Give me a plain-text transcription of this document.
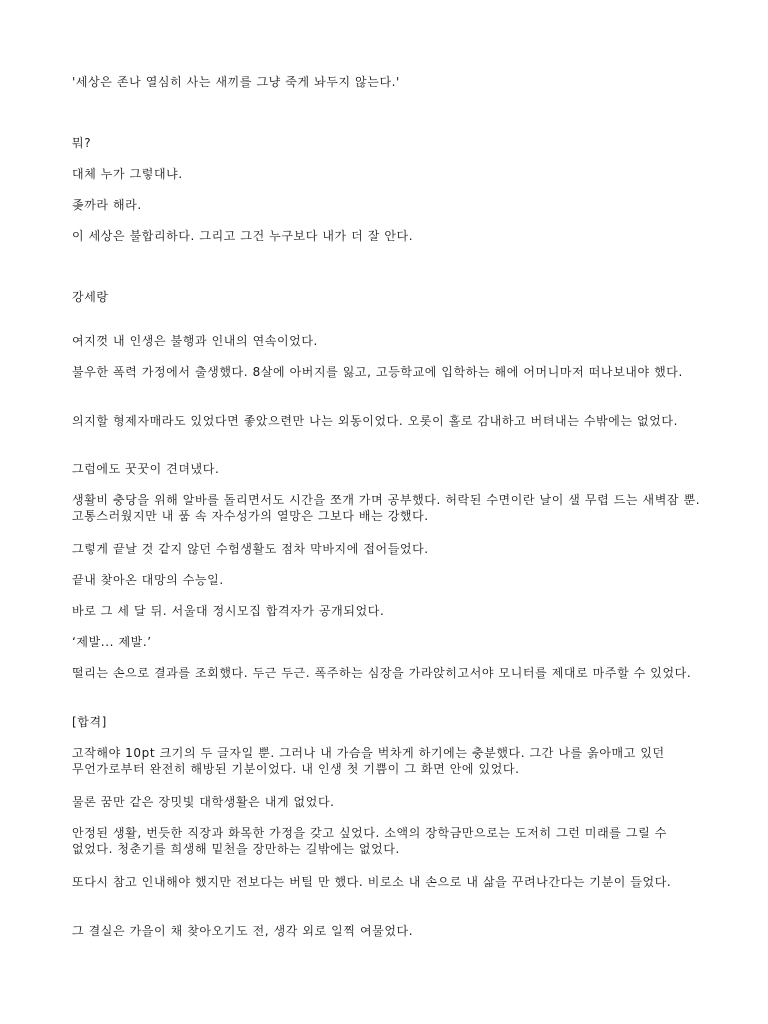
'세상은 존나 열심히 사는 새끼를 그냥 죽게 놔두지 않는다.'
뭐?
대체 누가 그렇대냐.
좆까라 해라.
이 세상은 불합리하다. 그리고 그건 누구보다 내가 더 잘 안다.
강세랑
여지껏 내 인생은 불행과 인내의 연속이었다.
불우한 폭력 가정에서 출생했다. 8살에 아버지를 잃고, 고등학교에 입학하는 해에 어머니마저 떠나보내야 했다.
의지할 형제자매라도 있었다면 좋았으련만 나는 외동이었다. 오롯이 홀로 감내하고 버텨내는 수밖에는 없었다.
그럼에도 꿋꿋이 견뎌냈다.
생활비 충당을 위해 알바를 돌리면서도 시간을 쪼개 가며 공부했다. 허락된 수면이란 날이 샐 무렵 드는 새벽잠 뿐. 고통스러웠지만 내 품 속 자수성가의 열망은 그보다 배는 강했다.
그렇게 끝날 것 같지 않던 수험생활도 점차 막바지에 접어들었다.
끝내 찾아온 대망의 수능일.
바로 그 세 달 뒤. 서울대 정시모집 합격자가 공개되었다.
‘제발... 제발.’
떨리는 손으로 결과를 조회했다. 두근 두근. 폭주하는 심장을 가라앉히고서야 모니터를 제대로 마주할 수 있었다.
[합격]
고작해야 10pt 크기의 두 글자일 뿐. 그러나 내 가슴을 벅차게 하기에는 충분했다. 그간 나를 옭아매고 있던 무언가로부터 완전히 해방된 기분이었다. 내 인생 첫 기쁨이 그 화면 안에 있었다.
물론 꿈만 같은 장밋빛 대학생활은 내게 없었다.
안정된 생활, 번듯한 직장과 화목한 가정을 갖고 싶었다. 소액의 장학금만으로는 도저히 그런 미래를 그릴 수 없었다. 청춘기를 희생해 밑천을 장만하는 길밖에는 없었다.
또다시 참고 인내해야 했지만 전보다는 버틸 만 했다. 비로소 내 손으로 내 삶을 꾸려나간다는 기분이 들었다.
그 결실은 가을이 채 찾아오기도 전, 생각 외로 일찍 여물었다.
